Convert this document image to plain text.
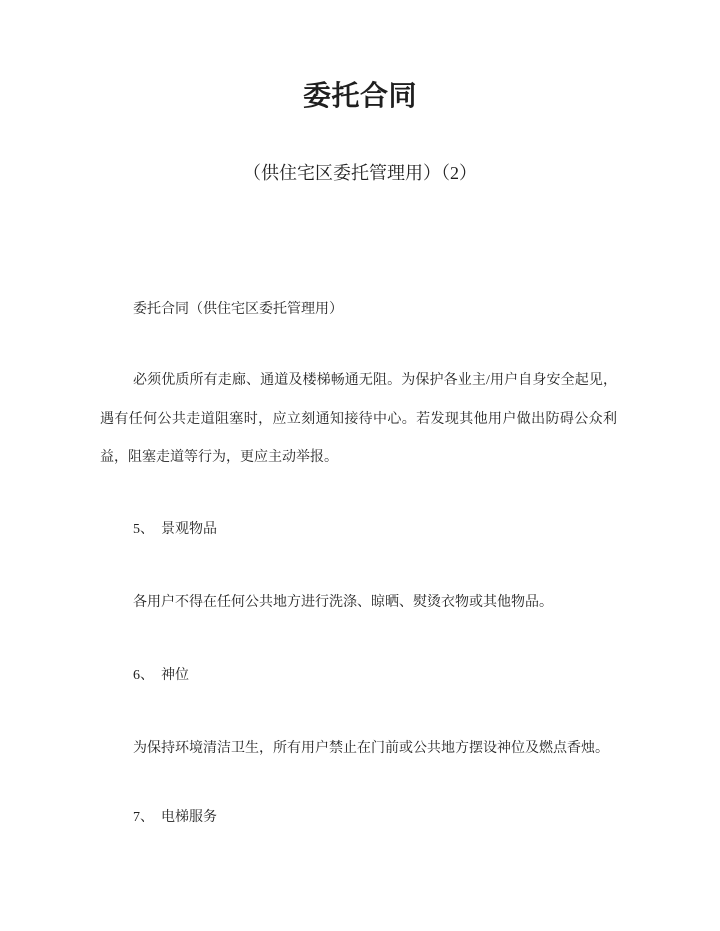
委托合同
（供住宅区委托管理用）（2）

委托合同（供住宅区委托管理用）

必须优质所有走廊、通道及楼梯畅通无阻。为保护各业主/用户自身安全起见，遇有任何公共走道阻塞时，应立刻通知接待中心。若发现其他用户做出防碍公众利益，阻塞走道等行为，更应主动举报。

5、　景观物品

各用户不得在任何公共地方进行洗涤、晾晒、熨烫衣物或其他物品。

6、　神位

为保持环境清洁卫生，所有用户禁止在门前或公共地方摆设神位及燃点香烛。

7、　电梯服务
